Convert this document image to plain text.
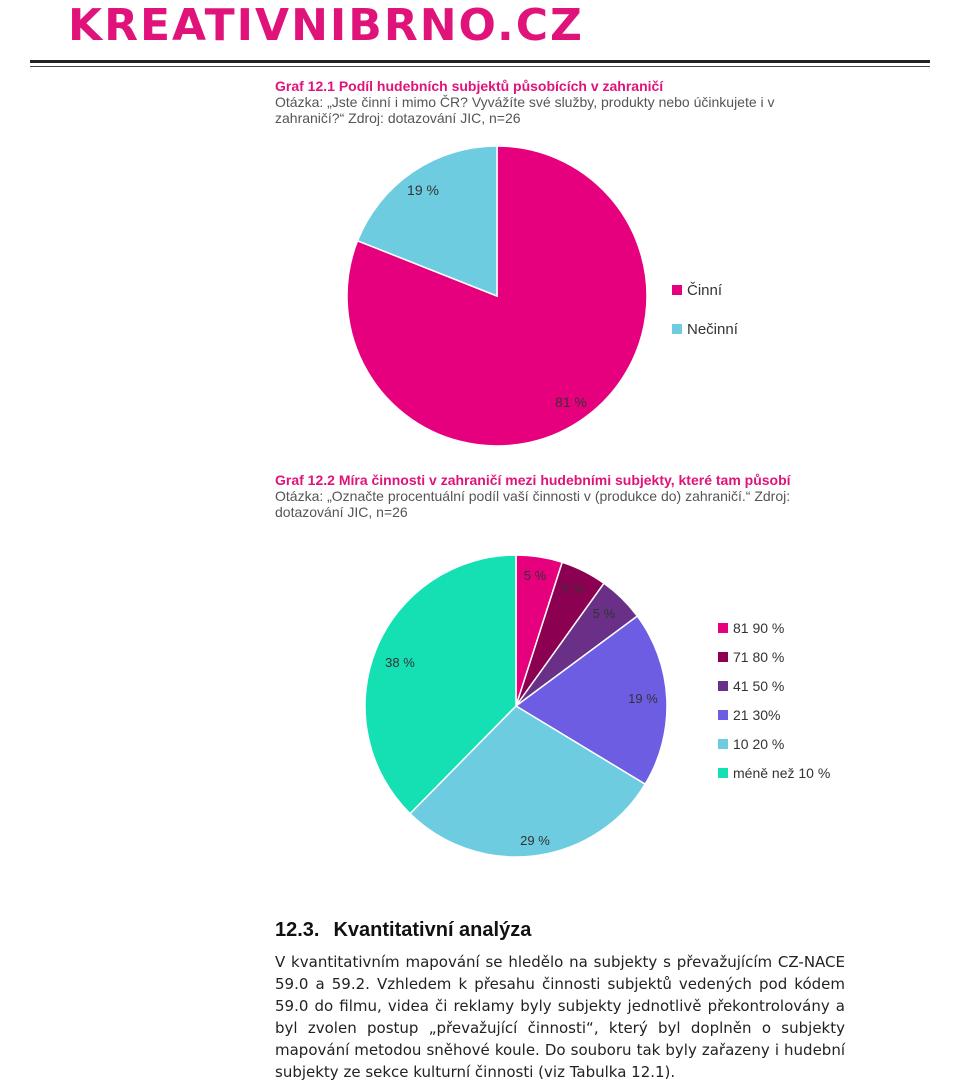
KREATIVNIBRNO.CZ
Graf 12.1 Podíl hudebních subjektů působících v zahraničí
Otázka: „Jste činní i mimo ČR? Vyvážíte své služby, produkty nebo účinkujete i v zahraničí?“ Zdroj: dotazování JIC, n=26
81 %
19 %
Činní
Nečinní
Graf 12.2 Míra činnosti v zahraničí mezi hudebními subjekty, které tam působí
Otázka: „Označte procentuální podíl vaší činnosti v (produkce do) zahraničí.“ Zdroj: dotazování JIC, n=26
5 %
5 %
5 %
19 %
29 %
38 %
81 90 %
71 80 %
41 50 %
21 30%
10 20 %
méně než 10 %
12.3. Kvantitativní analýza
V kvantitativním mapování se hledělo na subjekty s převažujícím CZ-NACE 59.0 a 59.2. Vzhledem k přesahu činnosti subjektů vedených pod kódem 59.0 do filmu, videa či reklamy byly subjekty jednotlivě překontrolovány a byl zvolen postup „převažující činnosti“, který byl doplněn o subjekty mapování metodou sněhové koule. Do souboru tak byly zařazeny i hudební subjekty ze sekce kulturní činnosti (viz Tabulka 12.1).
